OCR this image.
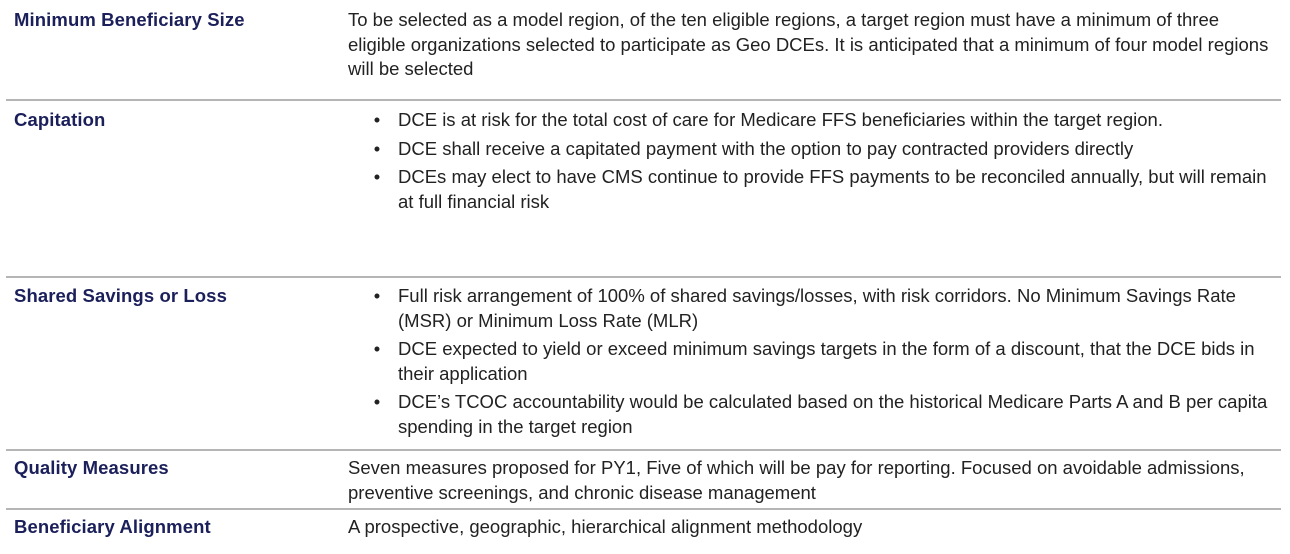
Minimum Beneficiary Size	To be selected as a model region, of the ten eligible regions, a target region must have a minimum of three eligible organizations selected to participate as Geo DCEs. It is anticipated that a minimum of four model regions will be selected

Capitation	• DCE is at risk for the total cost of care for Medicare FFS beneficiaries within the target region.
• DCE shall receive a capitated payment with the option to pay contracted providers directly
• DCEs may elect to have CMS continue to provide FFS payments to be reconciled annually, but will remain at full financial risk
Shared Savings or Loss	• Full risk arrangement of 100% of shared savings/losses, with risk corridors. No Minimum Savings Rate (MSR) or Minimum Loss Rate (MLR)
• DCE expected to yield or exceed minimum savings targets in the form of a discount, that the DCE bids in their application
• DCE’s TCOC accountability would be calculated based on the historical Medicare Parts A and B per capita spending in the target region
Quality Measures	Seven measures proposed for PY1, Five of which will be pay for reporting. Focused on avoidable admissions, preventive screenings, and chronic disease management

Beneficiary Alignment	A prospective, geographic, hierarchical alignment methodology
